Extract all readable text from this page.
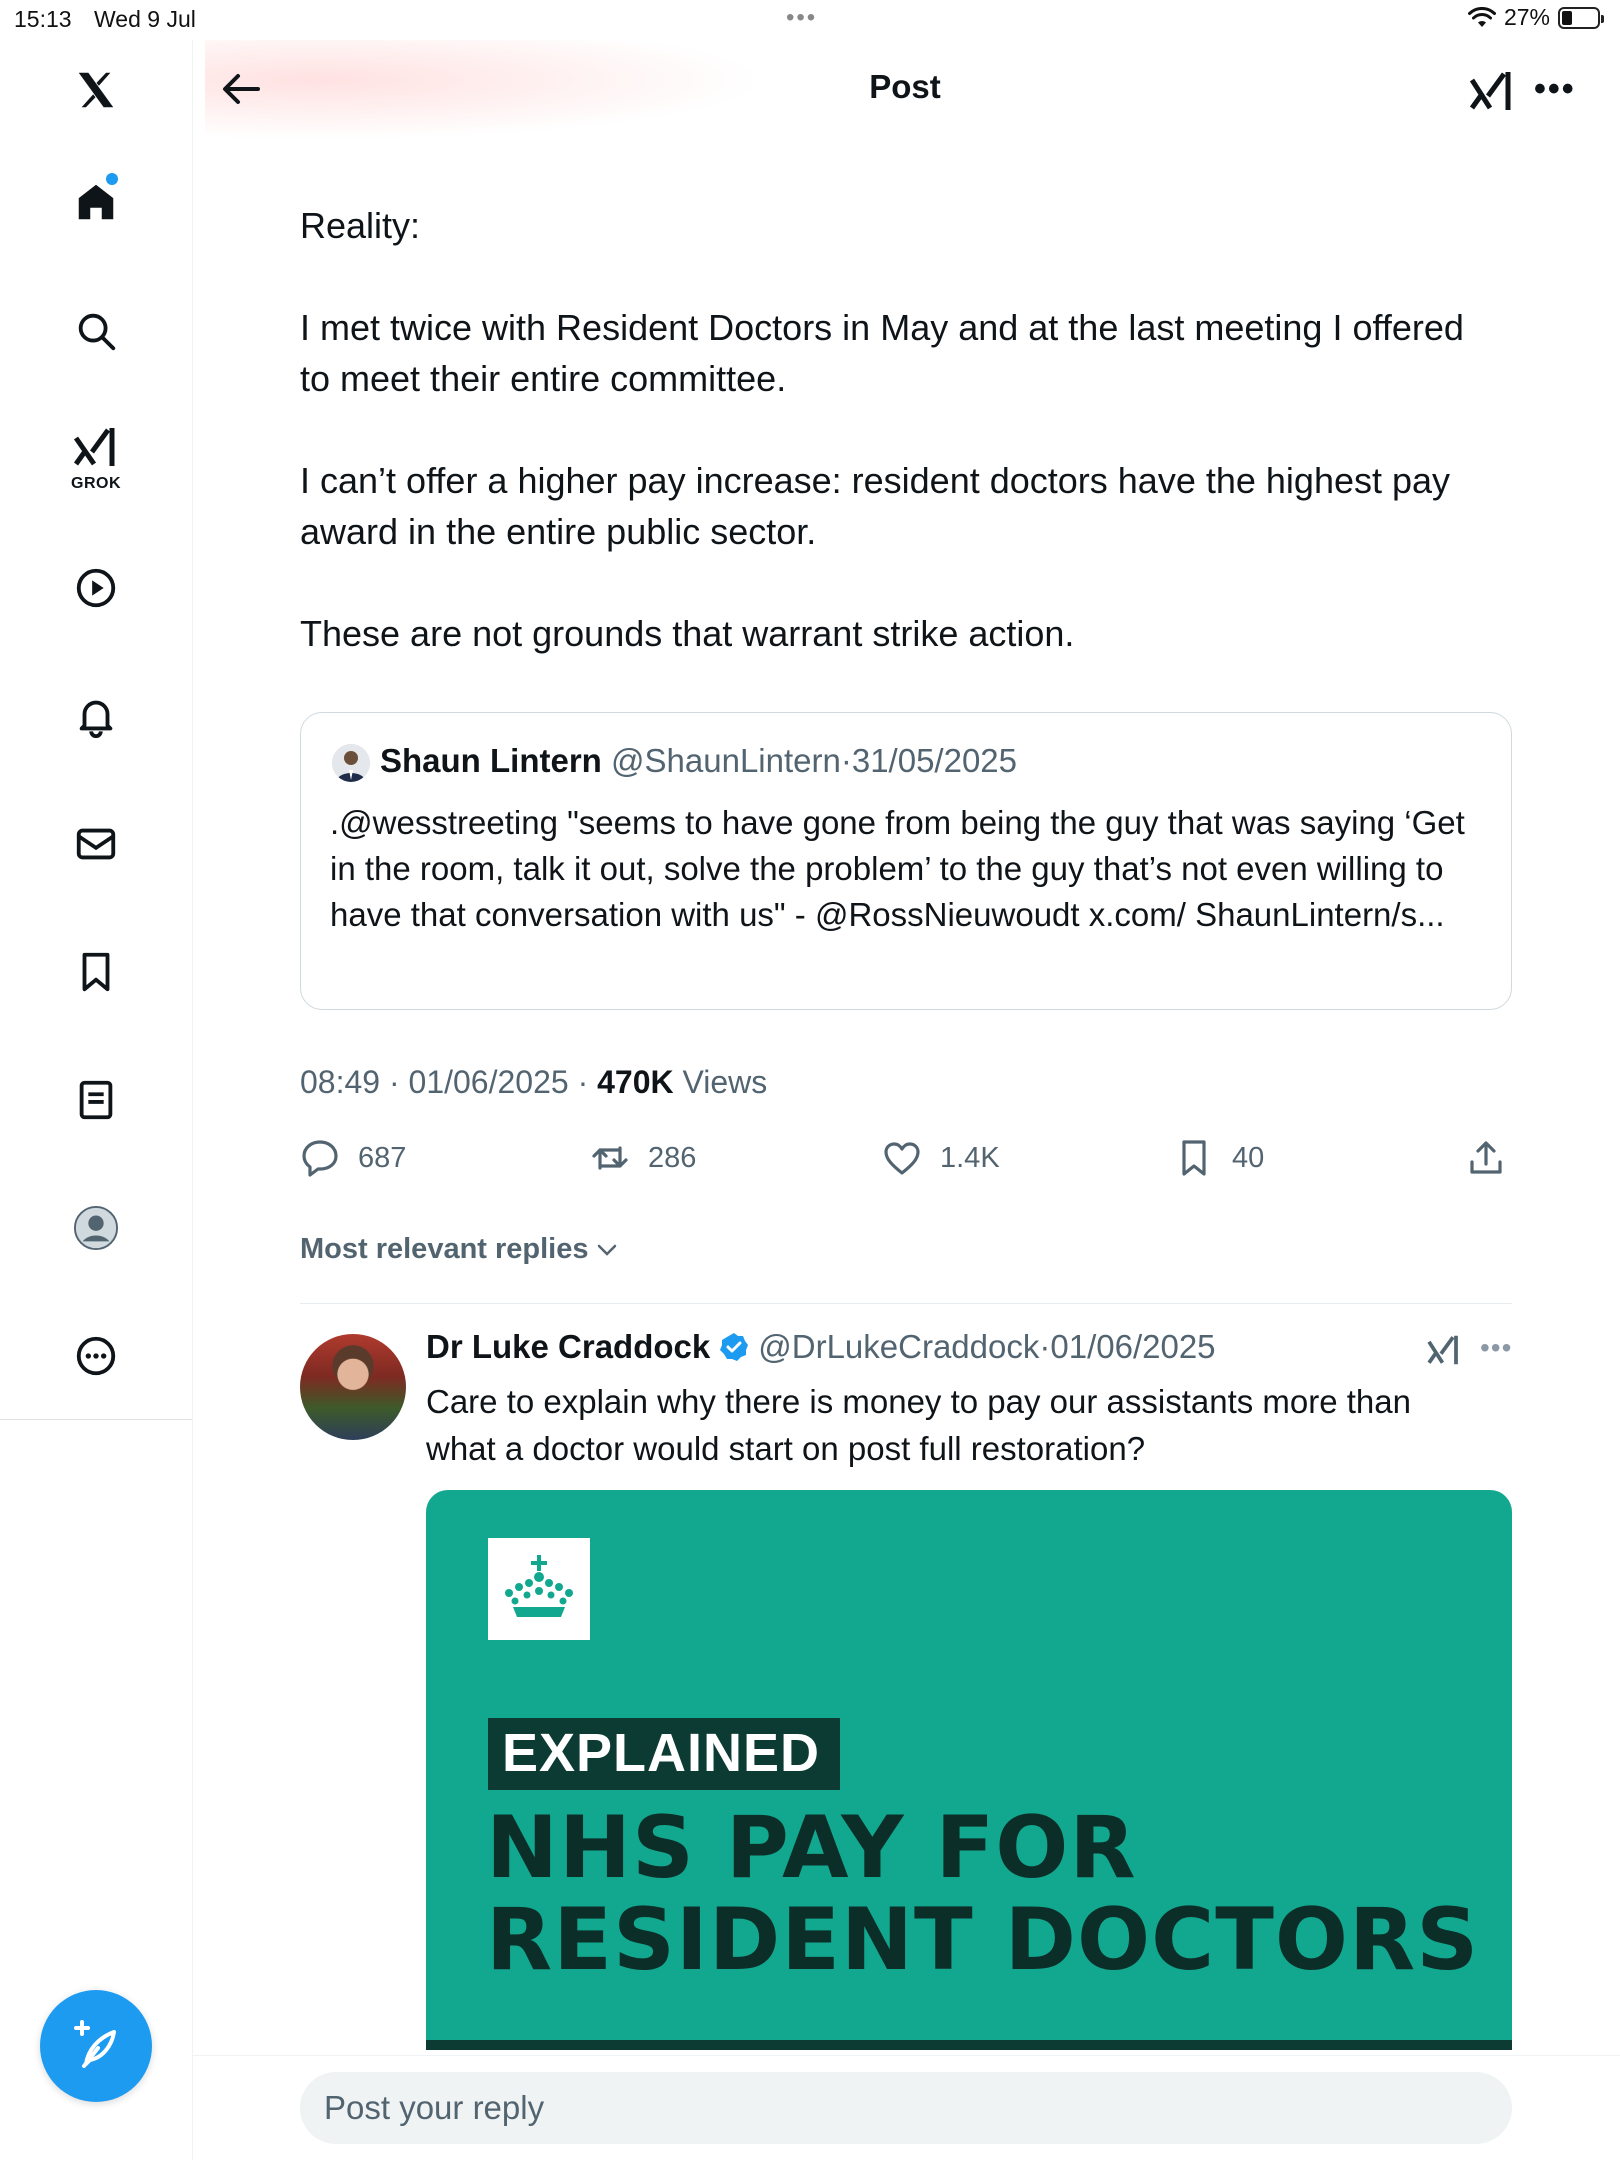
15:13 Wed 9 Jul	•••	27%
GROK
Post	•••

Reality:

I met twice with Resident Doctors in May and at the last meeting I offered to meet their entire committee.

I can’t offer a higher pay increase: resident doctors have the highest pay award in the entire public sector.

These are not grounds that warrant strike action.

Shaun Lintern @ShaunLintern·31/05/2025
.@wesstreeting "seems to have gone from being the guy that was saying ‘Get in the room, talk it out, solve the problem’ to the guy that’s not even willing to have that conversation with us" - @RossNieuwoudt x.com/ ShaunLintern/s...
08:49 · 01/06/2025 · 470K Views
687	286	1.4K	40
Most relevant replies
Dr Luke Craddock @DrLukeCraddock·01/06/2025	•••
Care to explain why there is money to pay our assistants more than what a doctor would start on post full restoration?
EXPLAINED
NHS PAY FOR
RESIDENT DOCTORS
Post your reply
